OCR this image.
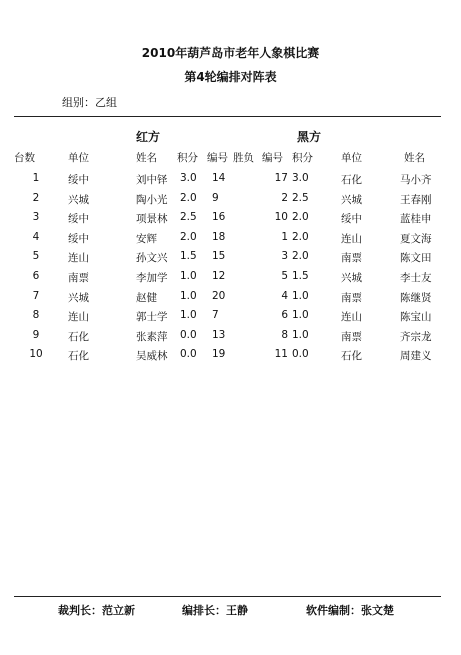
2010年葫芦岛市老年人象棋比赛
第4轮编排对阵表
组别：乙组
红方	黑方
台数	单位	姓名 积分 编号 胜负 编号 积分	单位	姓名
1	绥中	刘中铎 3.0 14	17 3.0	石化	马小齐
2	兴城	陶小光 2.0 9	2 2.5	兴城	王春刚
3	绥中	项景林 2.5 16	10 2.0	绥中	蓝桂申
4	绥中	安辉 2.0 18	1 2.0	连山	夏文海
5	连山	孙文兴 1.5 15	3 2.0	南票	陈文田
6	南票	李加学 1.0 12	5 1.5	兴城	李士友
7	兴城	赵健 1.0 20	4 1.0	南票	陈继贤
8	连山	郭士学 1.0 7	6 1.0	连山	陈宝山
9	石化	张素萍 0.0 13	8 1.0	南票	齐宗龙
10	石化	吴威林 0.0 19	11 0.0	石化	周建义
裁判长：范立新	编排长：王静	软件编制：张文楚
